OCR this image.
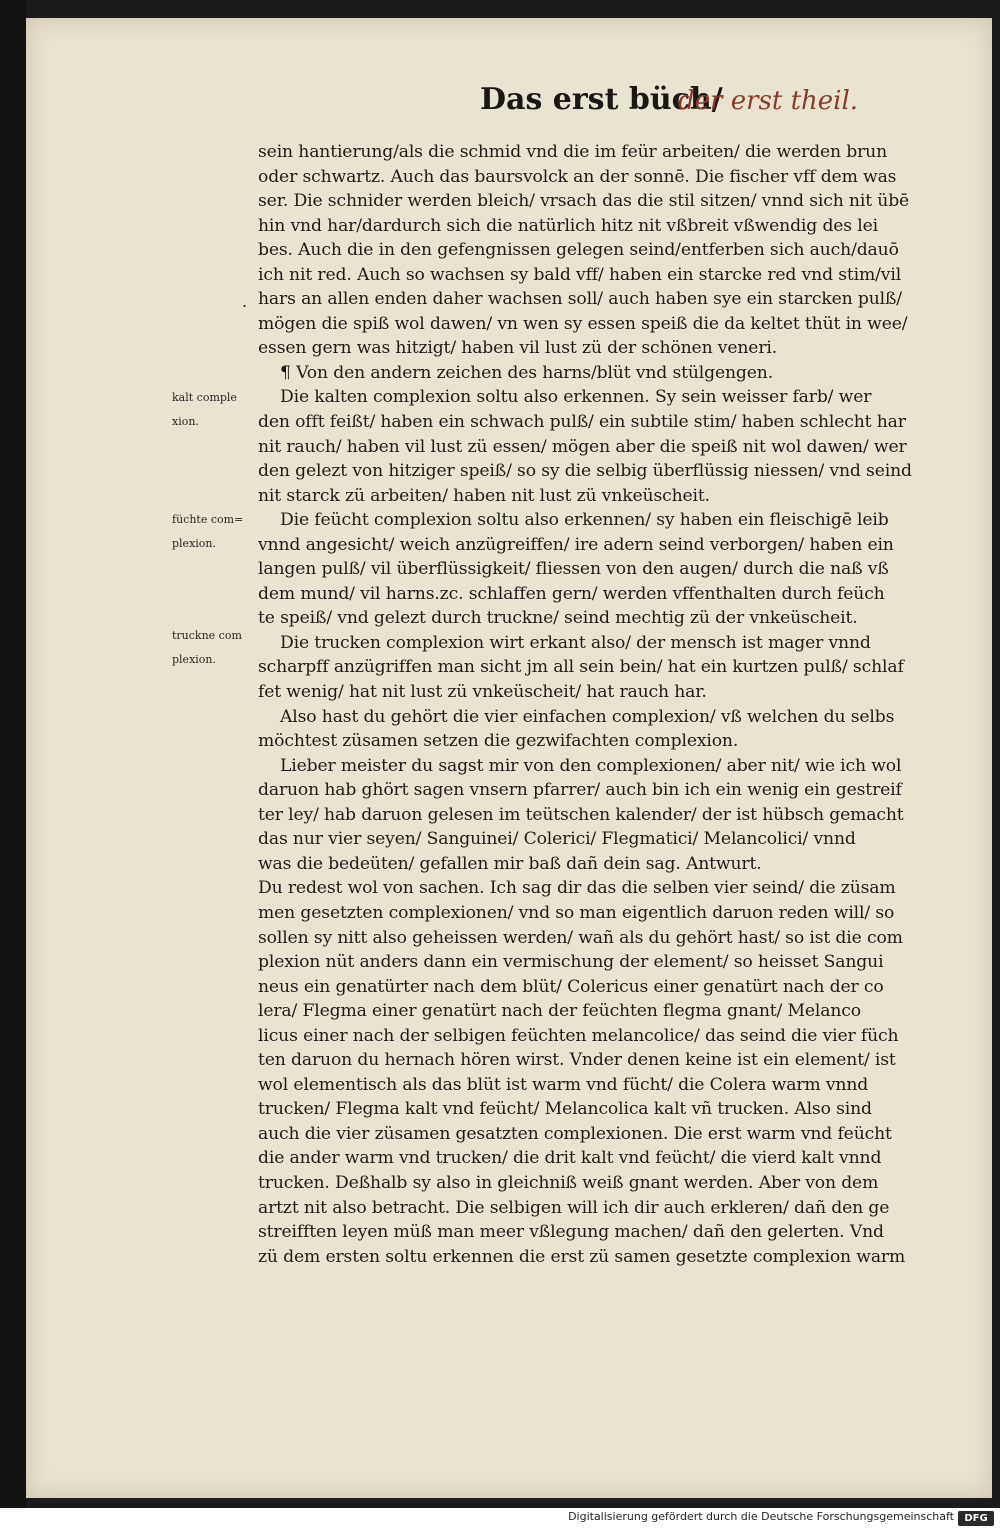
Das erst büch/
der erst theil.
.
kalt comple
xion.
füchte com=
plexion.
truckne com
plexion.
sein hantierung/als die schmid vnd die im feür arbeiten/ die werden brun
oder schwartz. Auch das baursvolck an der sonnē. Die fischer vff dem was
ser. Die schnider werden bleich/ vrsach das die stil sitzen/ vnnd sich nit übē
hin vnd har/dardurch sich die natürlich hitz nit vßbreit vßwendig des lei
bes. Auch die in den gefengnissen gelegen seind/entferben sich auch/dauō
ich nit red. Auch so wachsen sy bald vff/ haben ein starcke red vnd stim/vil
hars an allen enden daher wachsen soll/ auch haben sye ein starcken pulß/
mögen die spiß wol dawen/ vn wen sy essen speiß die da keltet thüt in wee/
essen gern was hitzigt/ haben vil lust zü der schönen veneri.
¶ Von den andern zeichen des harns/blüt vnd stülgengen.
Die kalten complexion soltu also erkennen. Sy sein weisser farb/ wer
den offt feißt/ haben ein schwach pulß/ ein subtile stim/ haben schlecht har
nit rauch/ haben vil lust zü essen/ mögen aber die speiß nit wol dawen/ wer
den gelezt von hitziger speiß/ so sy die selbig überflüssig niessen/ vnd seind
nit starck zü arbeiten/ haben nit lust zü vnkeüscheit.
Die feücht complexion soltu also erkennen/ sy haben ein fleischigē leib
vnnd angesicht/ weich anzügreiffen/ ire adern seind verborgen/ haben ein
langen pulß/ vil überflüssigkeit/ fliessen von den augen/ durch die naß vß
dem mund/ vil harns.zc. schlaffen gern/ werden vffenthalten durch feüch
te speiß/ vnd gelezt durch truckne/ seind mechtig zü der vnkeüscheit.
Die trucken complexion wirt erkant also/ der mensch ist mager vnnd
scharpff anzügriffen man sicht jm all sein bein/ hat ein kurtzen pulß/ schlaf
fet wenig/ hat nit lust zü vnkeüscheit/ hat rauch har.
Also hast du gehört die vier einfachen complexion/ vß welchen du selbs
möchtest züsamen setzen die gezwifachten complexion.
Lieber meister du sagst mir von den complexionen/ aber nit/ wie ich wol
daruon hab ghört sagen vnsern pfarrer/ auch bin ich ein wenig ein gestreif
ter ley/ hab daruon gelesen im teütschen kalender/ der ist hübsch gemacht
das nur vier seyen/ Sanguinei/ Colerici/ Flegmatici/ Melancolici/ vnnd
was die bedeüten/ gefallen mir baß dañ dein sag. Antwurt.
Du redest wol von sachen. Ich sag dir das die selben vier seind/ die züsam
men gesetzten complexionen/ vnd so man eigentlich daruon reden will/ so
sollen sy nitt also geheissen werden/ wañ als du gehört hast/ so ist die com
plexion nüt anders dann ein vermischung der element/ so heisset Sangui
neus ein genatürter nach dem blüt/ Colericus einer genatürt nach der co
lera/ Flegma einer genatürt nach der feüchten flegma gnant/ Melanco
licus einer nach der selbigen feüchten melancolice/ das seind die vier füch
ten daruon du hernach hören wirst. Vnder denen keine ist ein element/ ist
wol elementisch als das blüt ist warm vnd fücht/ die Colera warm vnnd
trucken/ Flegma kalt vnd feücht/ Melancolica kalt vñ trucken. Also sind
auch die vier züsamen gesatzten complexionen. Die erst warm vnd feücht
die ander warm vnd trucken/ die drit kalt vnd feücht/ die vierd kalt vnnd
trucken. Deßhalb sy also in gleichniß weiß gnant werden. Aber von dem
artzt nit also betracht. Die selbigen will ich dir auch erkleren/ dañ den ge
streifften leyen müß man meer vßlegung machen/ dañ den gelerten. Vnd
zü dem ersten soltu erkennen die erst zü samen gesetzte complexion warm
Digitalisierung gefördert durch die Deutsche Forschungsgemeinschaft	DFG
